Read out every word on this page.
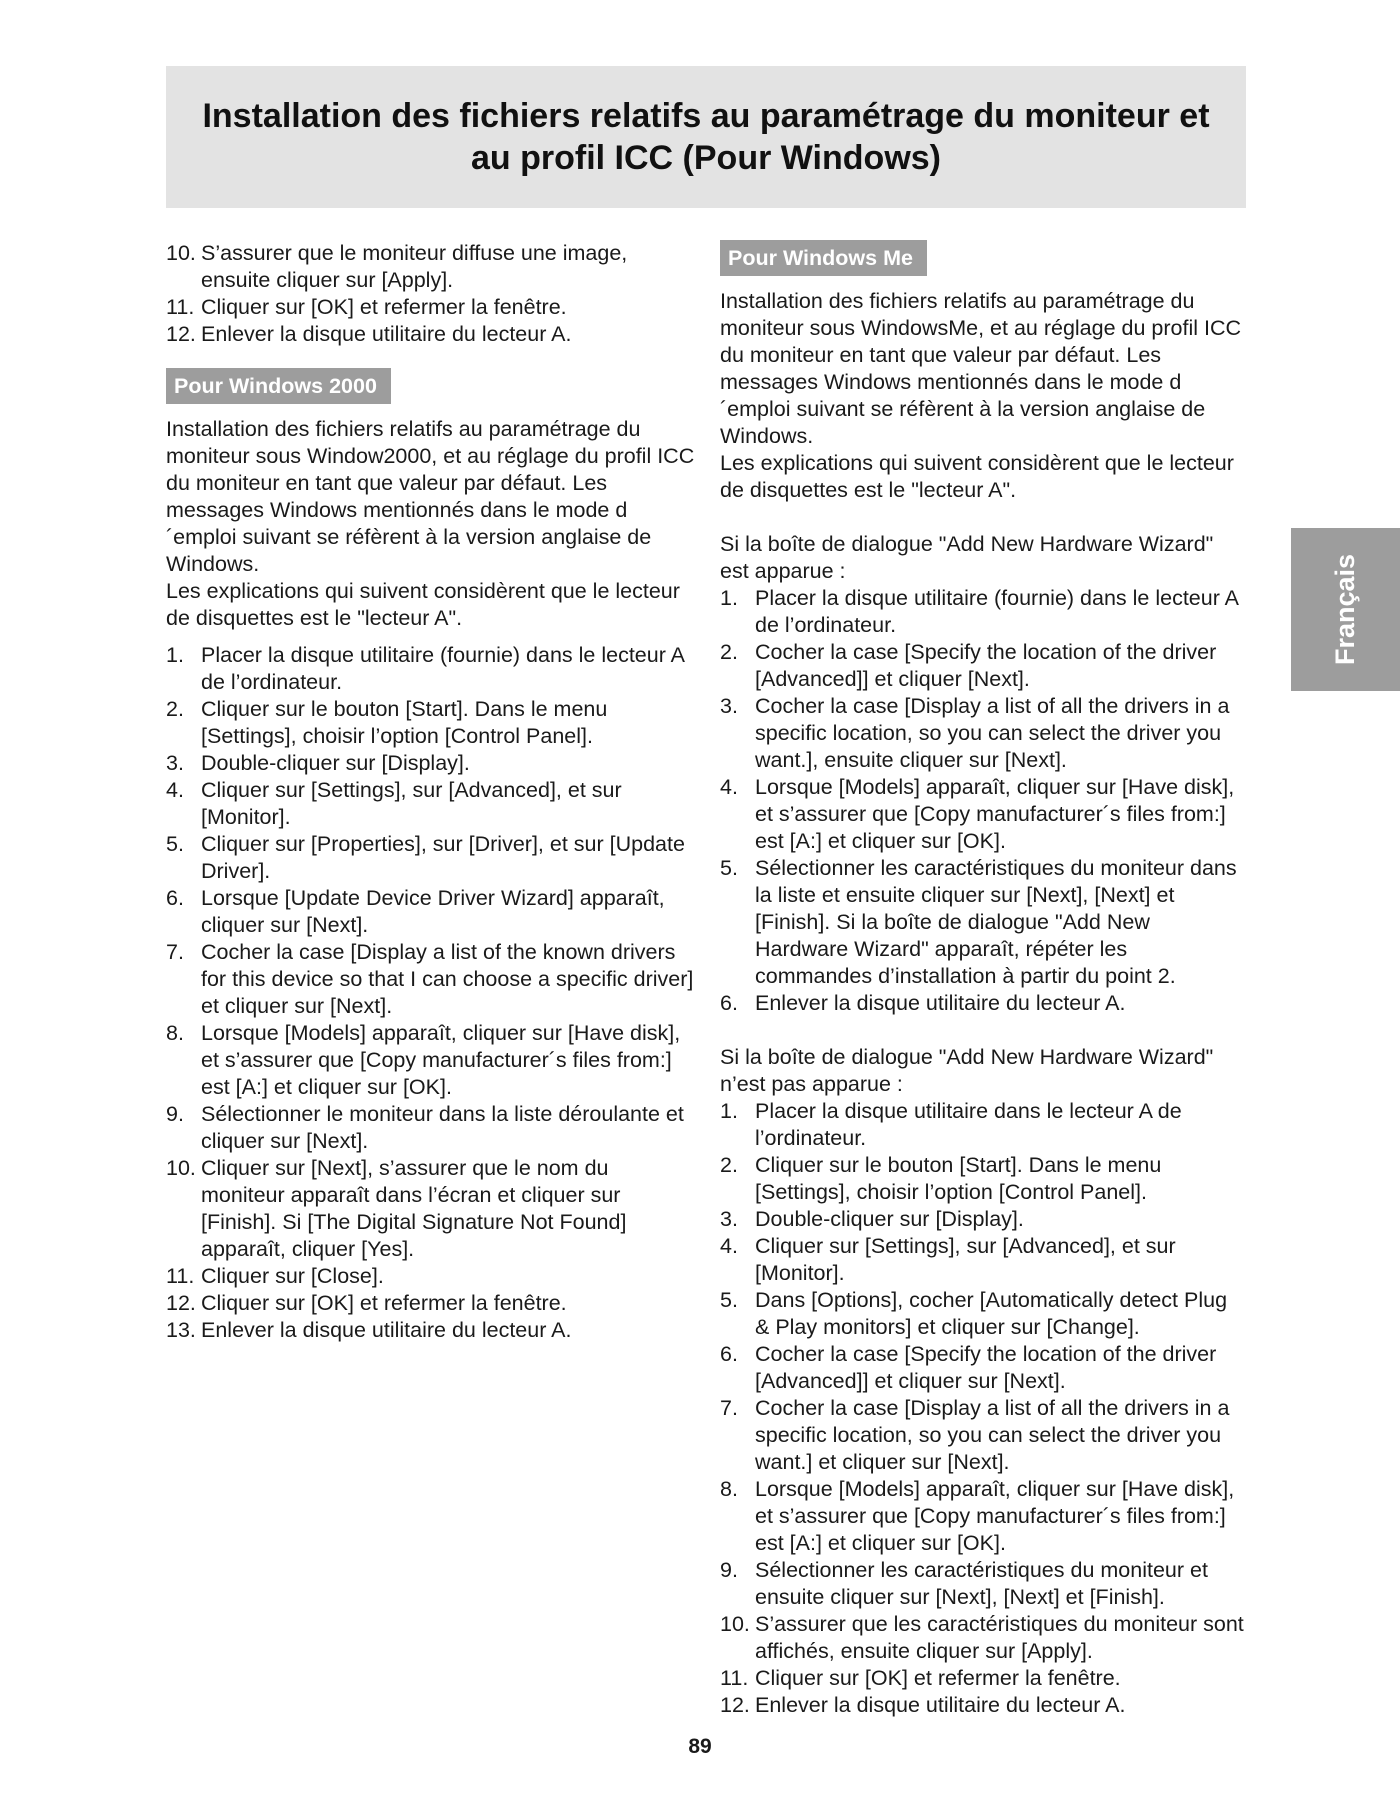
Installation des fichiers relatifs au paramétrage du moniteur et au profil ICC (Pour Windows)
10. S’assurer que le moniteur diffuse une image, ensuite cliquer sur [Apply].
11. Cliquer sur [OK] et refermer la fenêtre.
12. Enlever la disque utilitaire du lecteur A.
Pour Windows 2000

Installation des fichiers relatifs au paramétrage du moniteur sous Window2000, et au réglage du profil ICC du moniteur en tant que valeur par défaut. Les messages Windows mentionnés dans le mode d´emploi suivant se réfèrent à la version anglaise de Windows.

Les explications qui suivent considèrent que le lecteur de disquettes est le "lecteur A".

1. Placer la disque utilitaire (fournie) dans le lecteur A de l’ordinateur.
2. Cliquer sur le bouton [Start]. Dans le menu [Settings], choisir l’option [Control Panel].
3. Double-cliquer sur [Display].
4. Cliquer sur [Settings], sur [Advanced], et sur [Monitor].
5. Cliquer sur [Properties], sur [Driver], et sur [Update Driver].
6. Lorsque [Update Device Driver Wizard] apparaît, cliquer sur [Next].
7. Cocher la case [Display a list of the known drivers for this device so that I can choose a specific driver] et cliquer sur [Next].
8. Lorsque [Models] apparaît, cliquer sur [Have disk], et s’assurer que [Copy manufacturer´s files from:] est [A:] et cliquer sur [OK].
9. Sélectionner le moniteur dans la liste déroulante et cliquer sur [Next].
10. Cliquer sur [Next], s’assurer que le nom du moniteur apparaît dans l’écran et cliquer sur [Finish]. Si [The Digital Signature Not Found] apparaît, cliquer [Yes].
11. Cliquer sur [Close].
12. Cliquer sur [OK] et refermer la fenêtre.
13. Enlever la disque utilitaire du lecteur A.
Pour Windows Me

Installation des fichiers relatifs au paramétrage du moniteur sous WindowsMe, et au réglage du profil ICC du moniteur en tant que valeur par défaut. Les messages Windows mentionnés dans le mode d´emploi suivant se réfèrent à la version anglaise de Windows.

Les explications qui suivent considèrent que le lecteur de disquettes est le "lecteur A".

Si la boîte de dialogue "Add New Hardware Wizard" est apparue :

1. Placer la disque utilitaire (fournie) dans le lecteur A de l’ordinateur.
2. Cocher la case [Specify the location of the driver [Advanced]] et cliquer [Next].
3. Cocher la case [Display a list of all the drivers in a specific location, so you can select the driver you want.], ensuite cliquer sur [Next].
4. Lorsque [Models] apparaît, cliquer sur [Have disk], et s’assurer que [Copy manufacturer´s files from:] est [A:] et cliquer sur [OK].
5. Sélectionner les caractéristiques du moniteur dans la liste et ensuite cliquer sur [Next], [Next] et [Finish]. Si la boîte de dialogue "Add New Hardware Wizard" apparaît, répéter les commandes d’installation à partir du point 2.
6. Enlever la disque utilitaire du lecteur A.

Si la boîte de dialogue "Add New Hardware Wizard" n’est pas apparue :

1. Placer la disque utilitaire dans le lecteur A de l’ordinateur.
2. Cliquer sur le bouton [Start]. Dans le menu [Settings], choisir l’option [Control Panel].
3. Double-cliquer sur [Display].
4. Cliquer sur [Settings], sur [Advanced], et sur [Monitor].
5. Dans [Options], cocher [Automatically detect Plug & Play monitors] et cliquer sur [Change].
6. Cocher la case [Specify the location of the driver [Advanced]] et cliquer sur [Next].
7. Cocher la case [Display a list of all the drivers in a specific location, so you can select the driver you want.] et cliquer sur [Next].
8. Lorsque [Models] apparaît, cliquer sur [Have disk], et s’assurer que [Copy manufacturer´s files from:] est [A:] et cliquer sur [OK].
9. Sélectionner les caractéristiques du moniteur et ensuite cliquer sur [Next], [Next] et [Finish].
10. S’assurer que les caractéristiques du moniteur sont affichés, ensuite cliquer sur [Apply].
11. Cliquer sur [OK] et refermer la fenêtre.
12. Enlever la disque utilitaire du lecteur A.
Français
89
